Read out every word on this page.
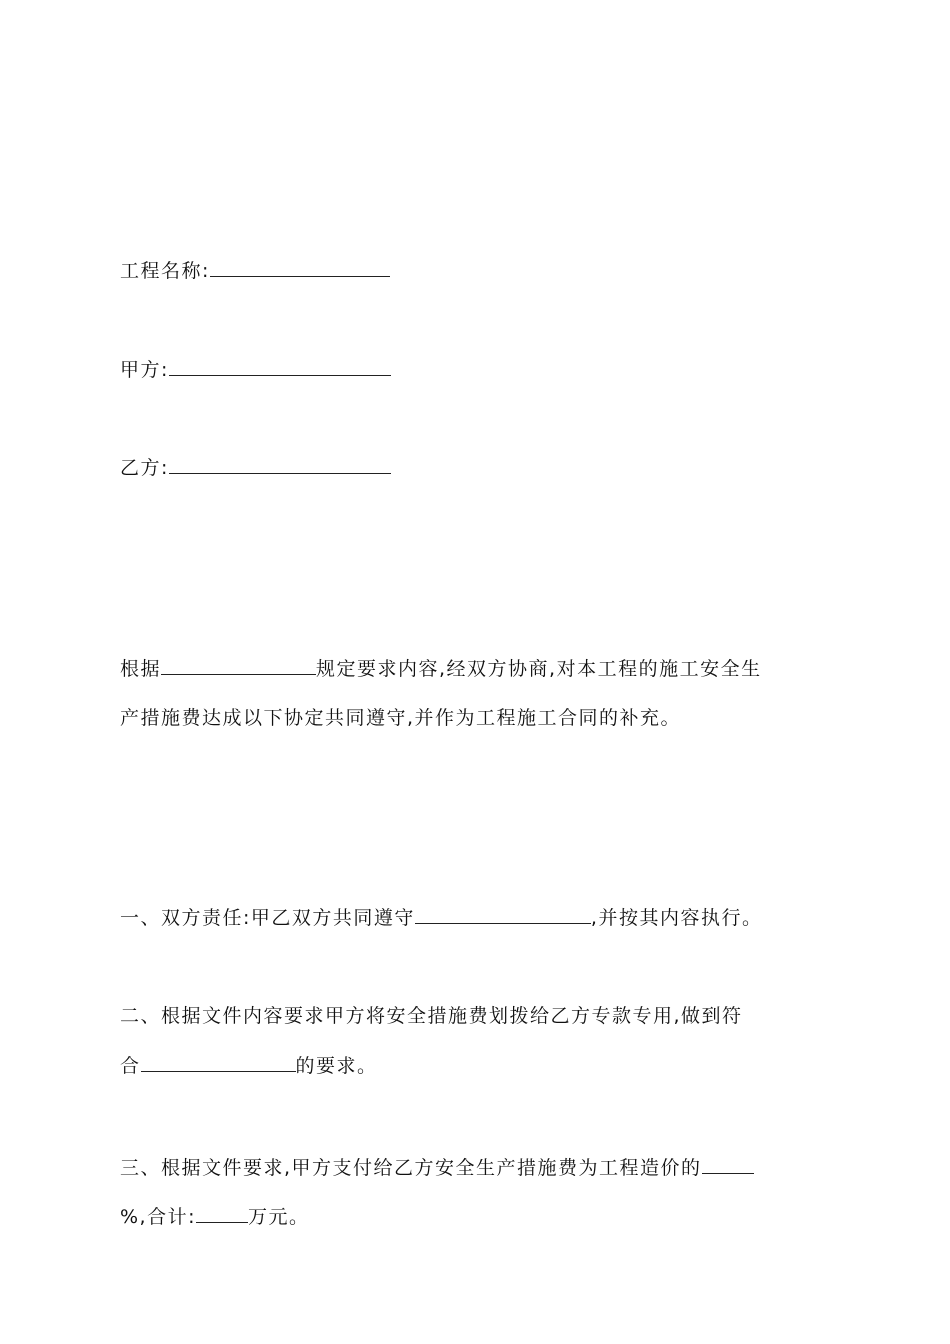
工程名称:
甲方:
乙方:
根据	规定要求内容,经双方协商,对本工程的施工安全生
产措施费达成以下协定共同遵守,并作为工程施工合同的补充。
一、双方责任:甲乙双方共同遵守	,并按其内容执行。
二、根据文件内容要求甲方将安全措施费划拨给乙方专款专用,做到符
合	的要求。
三、根据文件要求,甲方支付给乙方安全生产措施费为工程造价的
%,合计:	万元。
